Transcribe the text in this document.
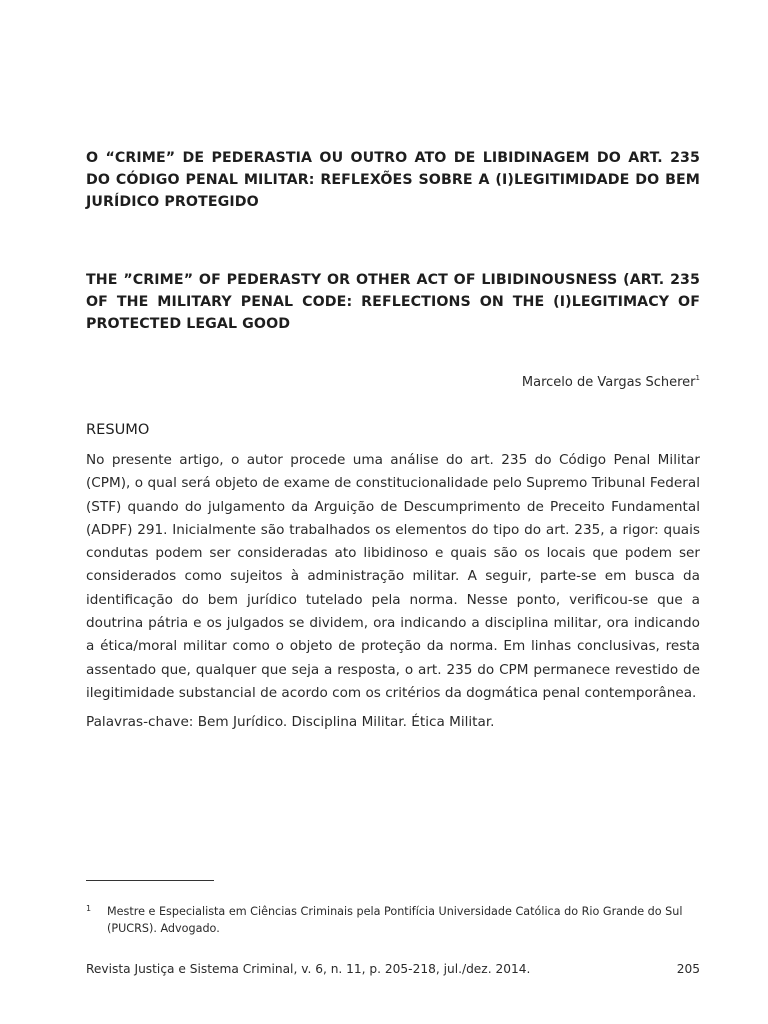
O “CRIME” DE PEDERASTIA OU OUTRO ATO DE LIBIDINAGEM DO ART. 235 DO CÓDIGO PENAL MILITAR: REFLEXÕES SOBRE A (I)LEGITIMIDADE DO BEM JURÍDICO PROTEGIDO
THE ”CRIME” OF PEDERASTY OR OTHER ACT OF LIBIDINOUSNESS (ART. 235 OF THE MILITARY PENAL CODE: REFLECTIONS ON THE (I)LEGITIMACY OF PROTECTED LEGAL GOOD
Marcelo de Vargas Scherer$^1$
RESUMO

No presente artigo, o autor procede uma análise do art. 235 do Código Penal Militar (CPM), o qual será objeto de exame de constitucionalidade pelo Supremo Tribunal Federal (STF) quando do julgamento da Arguição de Descumprimento de Preceito Fundamental (ADPF) 291. Inicialmente são trabalhados os elementos do tipo do art. 235, a rigor: quais condutas podem ser consideradas ato libidinoso e quais são os locais que podem ser considerados como sujeitos à administração militar. A seguir, parte-se em busca da identificação do bem jurídico tutelado pela norma. Nesse ponto, verificou-se que a doutrina pátria e os julgados se dividem, ora indicando a disciplina militar, ora indicando a ética/moral militar como o objeto de proteção da norma. Em linhas conclusivas, resta assentado que, qualquer que seja a resposta, o art. 235 do CPM permanece revestido de ilegitimidade substancial de acordo com os critérios da dogmática penal contemporânea.

Palavras-chave: Bem Jurídico. Disciplina Militar. Ética Militar.

1 Mestre e Especialista em Ciências Criminais pela Pontifícia Universidade Católica do Rio Grande do Sul (PUCRS). Advogado.
Revista Justiça e Sistema Criminal, v. 6, n. 11, p. 205-218, jul./dez. 2014.	205
